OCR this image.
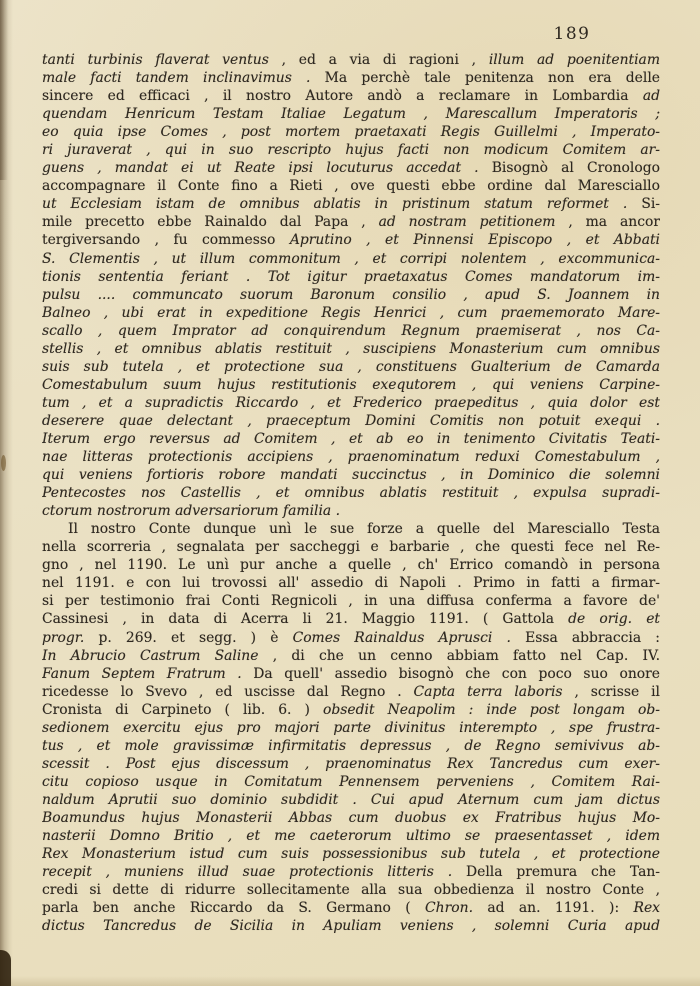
189
tanti turbinis flaverat ventus , ed a via di ragioni , illum ad poenitentiam
male facti tandem inclinavimus . Ma perchè tale penitenza non era delle
sincere ed efficaci , il nostro Autore andò a reclamare in Lombardia ad
quendam Henricum Testam Italiae Legatum , Marescallum Imperatoris ;
eo quia ipse Comes , post mortem praetaxati Regis Guillelmi , Imperato-
ri juraverat , qui in suo rescripto hujus facti non modicum Comitem ar-
guens , mandat ei ut Reate ipsi locuturus accedat . Bisognò al Cronologo
accompagnare il Conte fino a Rieti , ove questi ebbe ordine dal Maresciallo
ut Ecclesiam istam de omnibus ablatis in pristinum statum reformet . Si-
mile precetto ebbe Rainaldo dal Papa , ad nostram petitionem , ma ancor
tergiversando , fu commesso Aprutino , et Pinnensi Episcopo , et Abbati
S. Clementis , ut illum commonitum , et corripi nolentem , excommunica-
tionis sententia feriant . Tot igitur praetaxatus Comes mandatorum im-
pulsu .... communcato suorum Baronum consilio , apud S. Joannem in
Balneo , ubi erat in expeditione Regis Henrici , cum praememorato Mare-
scallo , quem Imprator ad conquirendum Regnum praemiserat , nos Ca-
stellis , et omnibus ablatis restituit , suscipiens Monasterium cum omnibus
suis sub tutela , et protectione sua , constituens Gualterium de Camarda
Comestabulum suum hujus restitutionis exequtorem , qui veniens Carpine-
tum , et a supradictis Riccardo , et Frederico praepeditus , quia dolor est
deserere quae delectant , praeceptum Domini Comitis non potuit exequi .
Iterum ergo reversus ad Comitem , et ab eo in tenimento Civitatis Teati-
nae litteras protectionis accipiens , praenominatum reduxi Comestabulum ,
qui veniens fortioris robore mandati succinctus , in Dominico die solemni
Pentecostes nos Castellis , et omnibus ablatis restituit , expulsa supradi-
ctorum nostrorum adversariorum familia .
Il nostro Conte dunque unì le sue forze a quelle del Maresciallo Testa
nella scorreria , segnalata per saccheggi e barbarie , che questi fece nel Re-
gno , nel 1190. Le unì pur anche a quelle , ch' Errico comandò in persona
nel 1191. e con lui trovossi all' assedio di Napoli . Primo in fatti a firmar-
si per testimonio frai Conti Regnicoli , in una diffusa conferma a favore de'
Cassinesi , in data di Acerra li 21. Maggio 1191. ( Gattola de orig. et
progr. p. 269. et segg. ) è Comes Rainaldus Aprusci . Essa abbraccia :
In Abrucio Castrum Saline , di che un cenno abbiam fatto nel Cap. IV.
Fanum Septem Fratrum . Da quell' assedio bisognò che con poco suo onore
ricedesse lo Svevo , ed uscisse dal Regno . Capta terra laboris , scrisse il
Cronista di Carpineto ( lib. 6. ) obsedit Neapolim : inde post longam ob-
sedionem exercitu ejus pro majori parte divinitus interempto , spe frustra-
tus , et mole gravissimæ infirmitatis depressus , de Regno semivivus ab-
scessit . Post ejus discessum , praenominatus Rex Tancredus cum exer-
citu copioso usque in Comitatum Pennensem perveniens , Comitem Rai-
naldum Aprutii suo dominio subdidit . Cui apud Aternum cum jam dictus
Boamundus hujus Monasterii Abbas cum duobus ex Fratribus hujus Mo-
nasterii Domno Britio , et me caeterorum ultimo se praesentasset , idem
Rex Monasterium istud cum suis possessionibus sub tutela , et protectione
recepit , muniens illud suae protectionis litteris . Della premura che Tan-
credi si dette di ridurre sollecitamente alla sua obbedienza il nostro Conte ,
parla ben anche Riccardo da S. Germano ( Chron. ad an. 1191. ): Rex
dictus Tancredus de Sicilia in Apuliam veniens , solemni Curia apud
